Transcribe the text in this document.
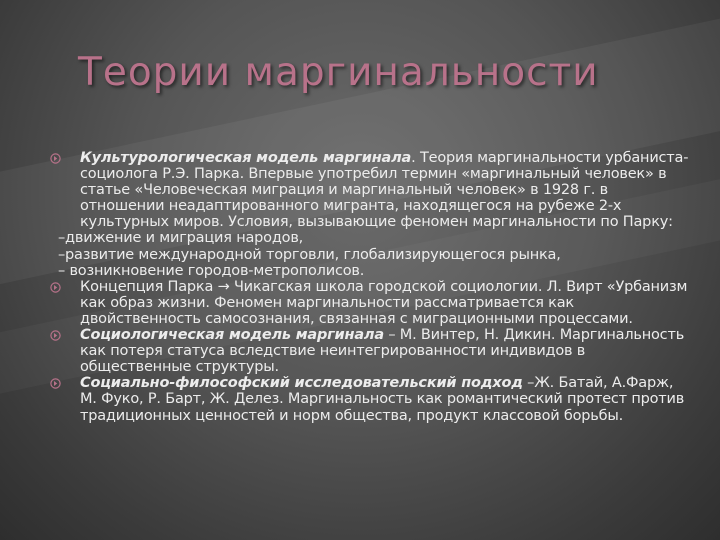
Теории маргинальности

Культурологическая модель маргинала. Теория маргинальности урбаниста-социолога Р.Э. Парка. Впервые употребил термин «маргинальный человек» в статье «Человеческая миграция и маргинальный человек» в 1928 г. в отношении неадаптированного мигранта, находящегося на рубеже 2-х культурных миров. Условия, вызывающие феномен маргинальности по Парку:

–движение и миграция народов,

–развитие международной торговли, глобализирующегося рынка,

– возникновение городов-метрополисов.

Концепция Парка → Чикагская школа городской социологии. Л. Вирт «Урбанизм как образ жизни. Феномен маргинальности рассматривается как двойственность самосознания, связанная с миграционными процессами.

Социологическая модель маргинала – М. Винтер, Н. Дикин. Маргинальность как потеря статуса вследствие неинтегрированности индивидов в общественные структуры.

Социально-философский исследовательский подход –Ж. Батай, А.Фарж, М. Фуко, Р. Барт, Ж. Делез. Маргинальность как романтический протест против традиционных ценностей и норм общества, продукт классовой борьбы.
